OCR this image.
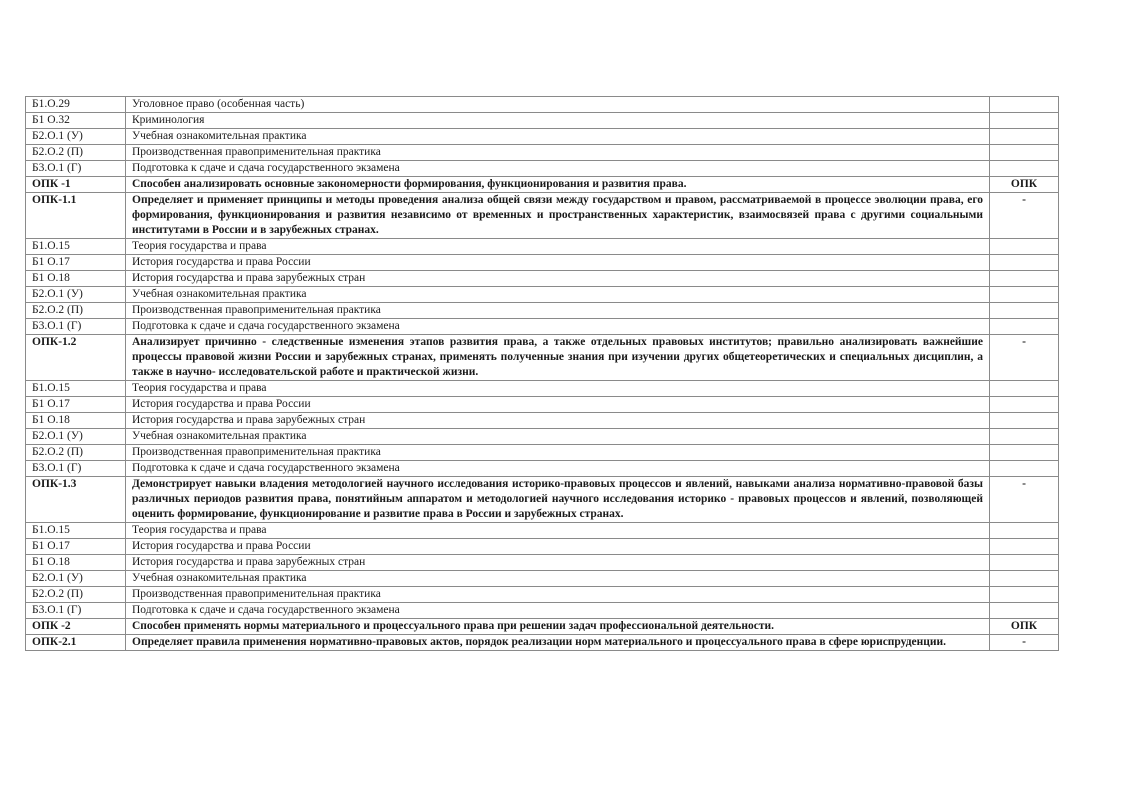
Б1.О.29	Уголовное право (особенная часть)	
Б1 О.32	Криминология	
Б2.О.1 (У)	Учебная ознакомительная практика	
Б2.О.2 (П)	Производственная правоприменительная практика	
Б3.О.1 (Г)	Подготовка к сдаче и сдача государственного экзамена	
ОПК -1	Способен анализировать основные закономерности формирования, функционирования и развития права.	ОПК
ОПК-1.1	Определяет и применяет принципы и методы проведения анализа общей связи между государством и правом, рассматриваемой в процессе эволюции права, его формирования, функционирования и развития независимо от временных и пространственных характеристик, взаимосвязей права с другими социальными институтами в России и в зарубежных странах.	-
Б1.О.15	Теория государства и права	
Б1 О.17	История государства и права России	
Б1 О.18	История государства и права зарубежных стран	
Б2.О.1 (У)	Учебная ознакомительная практика	
Б2.О.2 (П)	Производственная правоприменительная практика	
Б3.О.1 (Г)	Подготовка к сдаче и сдача государственного экзамена	
ОПК-1.2	Анализирует причинно - следственные изменения этапов развития права, а также отдельных правовых институтов; правильно анализировать важнейшие процессы правовой жизни России и зарубежных странах, применять полученные знания при изучении других общетеоретических и специальных дисциплин, а также в научно- исследовательской работе и практической жизни.	-
Б1.О.15	Теория государства и права	
Б1 О.17	История государства и права России	
Б1 О.18	История государства и права зарубежных стран	
Б2.О.1 (У)	Учебная ознакомительная практика	
Б2.О.2 (П)	Производственная правоприменительная практика	
Б3.О.1 (Г)	Подготовка к сдаче и сдача государственного экзамена	
ОПК-1.3	Демонстрирует навыки владения методологией научного исследования историко-правовых процессов и явлений, навыками анализа нормативно-правовой базы различных периодов развития права, понятийным аппаратом и методологией научного исследования историко - правовых процессов и явлений, позволяющей оценить формирование, функционирование и развитие права в России и зарубежных странах.	-
Б1.О.15	Теория государства и права	
Б1 О.17	История государства и права России	
Б1 О.18	История государства и права зарубежных стран	
Б2.О.1 (У)	Учебная ознакомительная практика	
Б2.О.2 (П)	Производственная правоприменительная практика	
Б3.О.1 (Г)	Подготовка к сдаче и сдача государственного экзамена	
ОПК -2	Способен применять нормы материального и процессуального права при решении задач профессиональной деятельности.	ОПК
ОПК-2.1	Определяет правила применения нормативно-правовых актов, порядок реализации норм материального и процессуального права в сфере юриспруденции.	-
